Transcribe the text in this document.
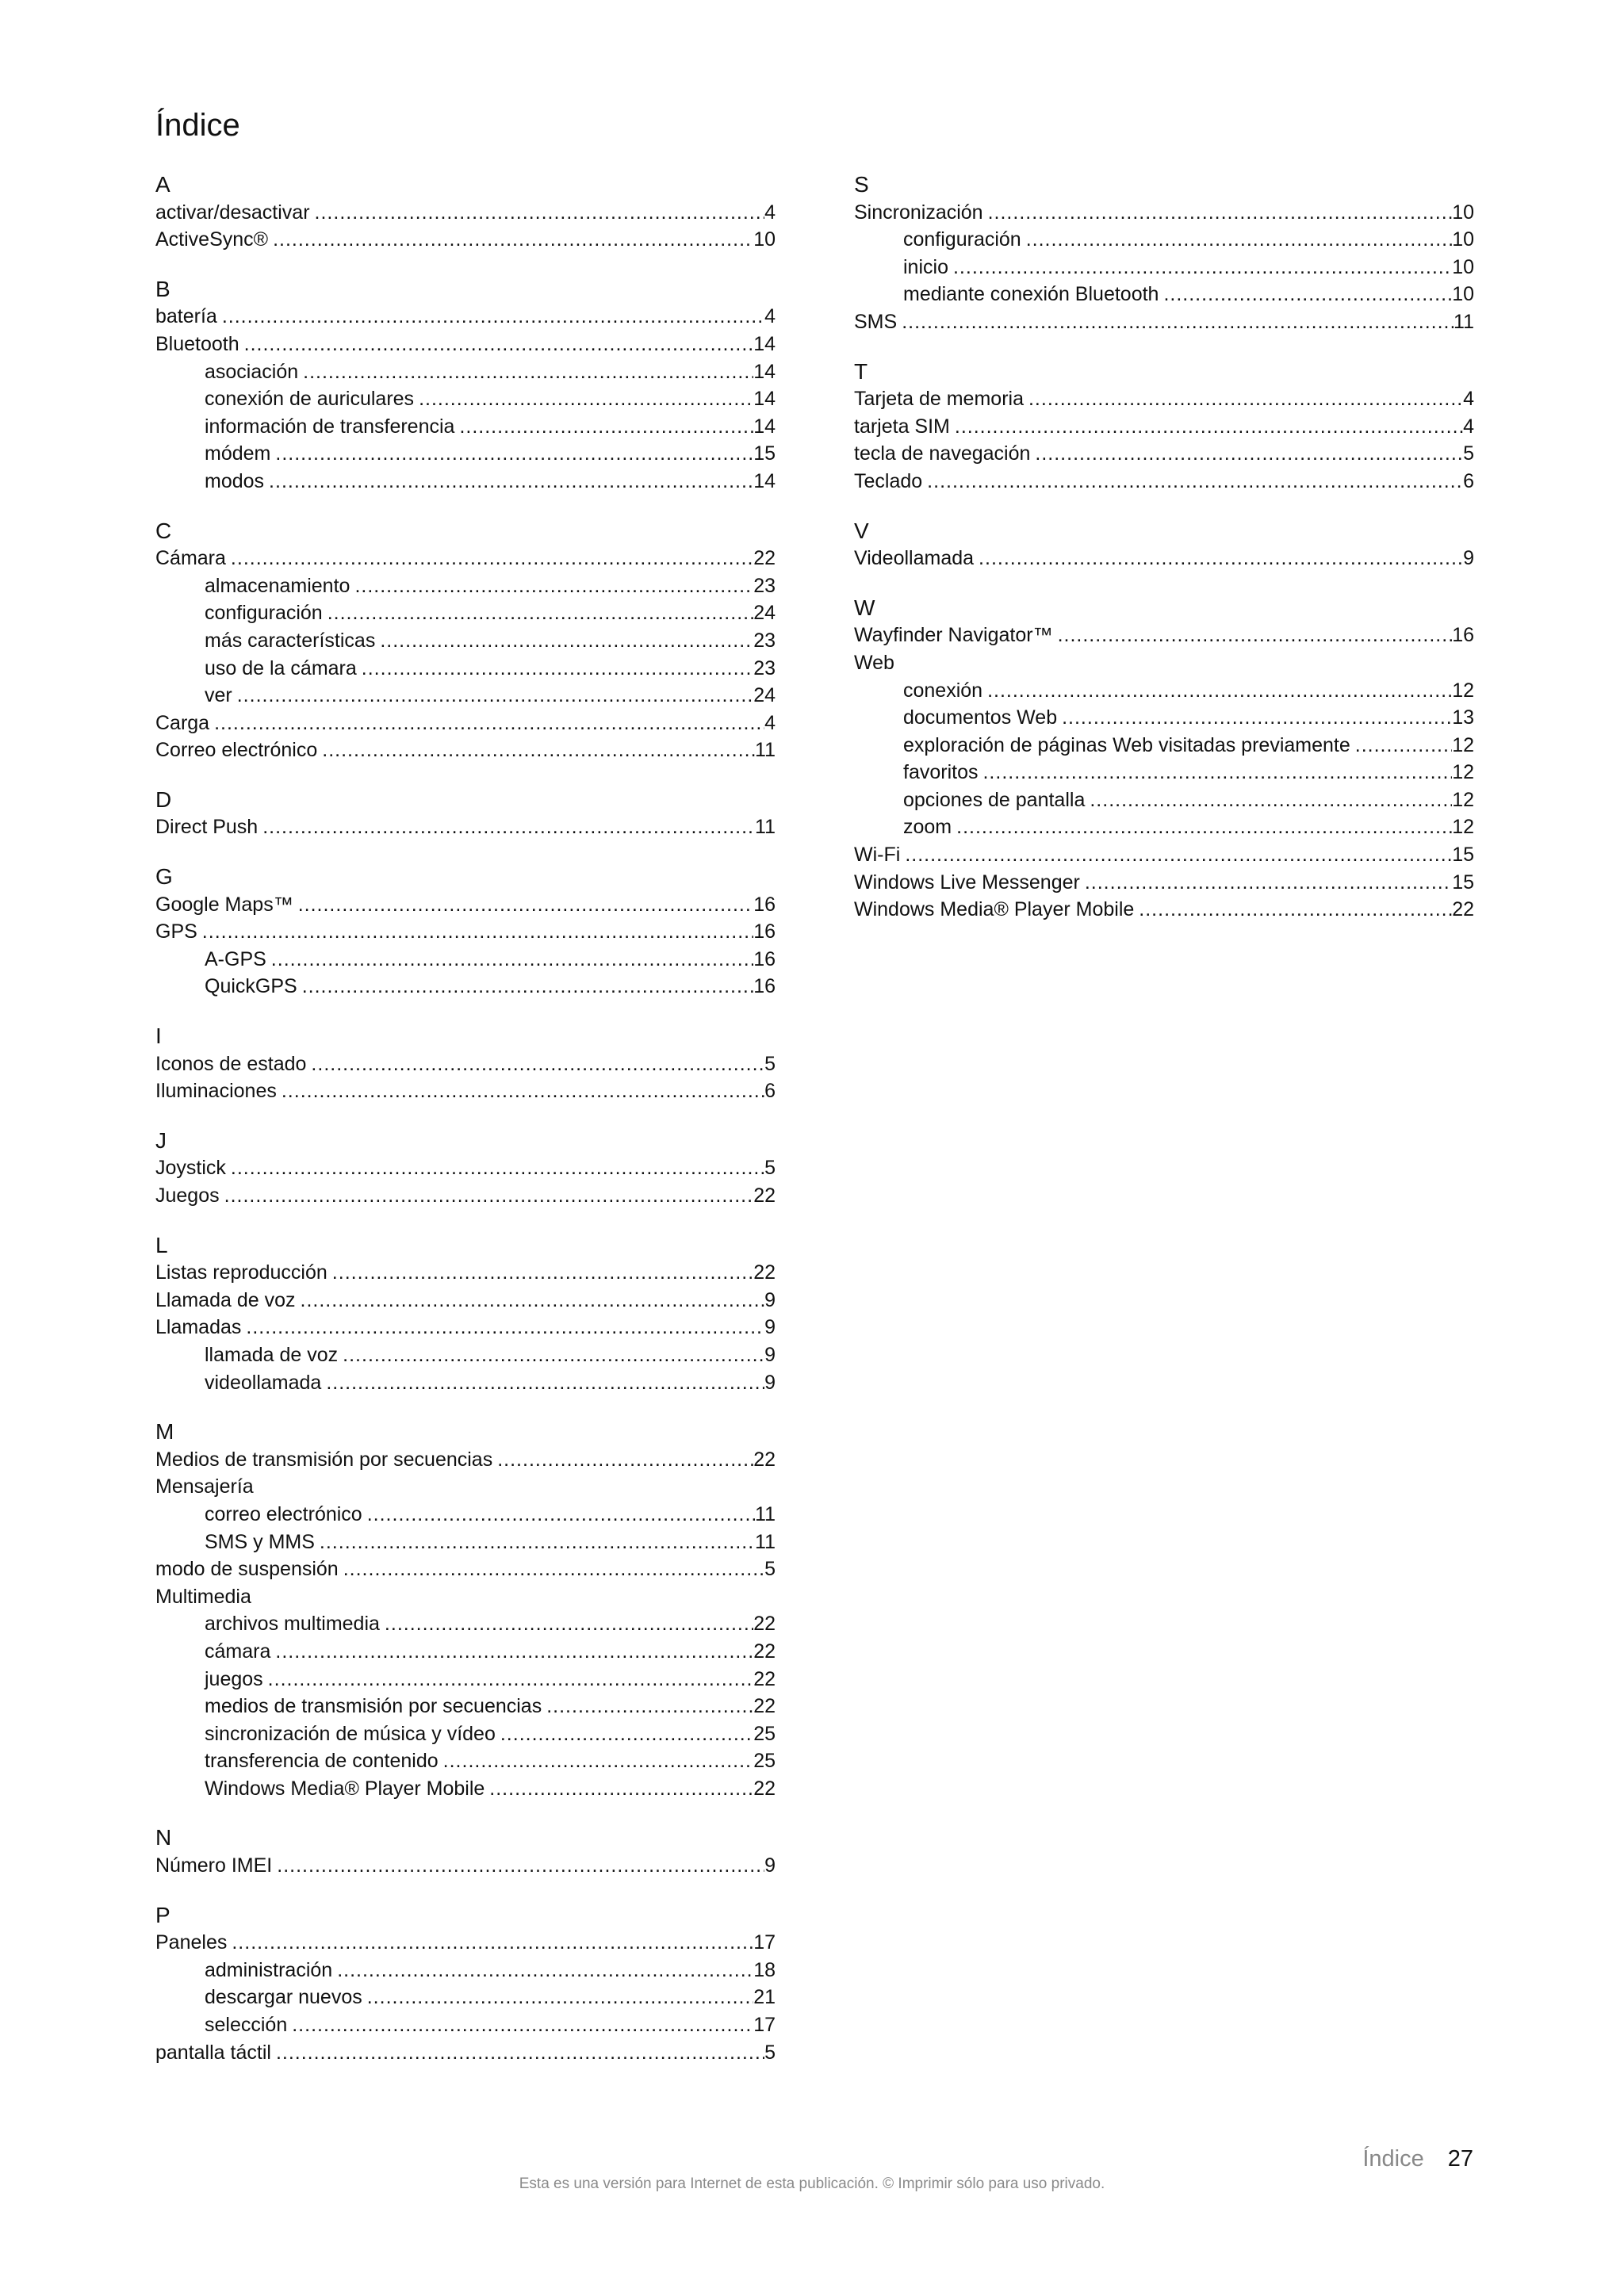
Índice
A
activar/desactivar .....	4
ActiveSync® .....	10
B
batería .....	4
Bluetooth .....	14
asociación .....	14
conexión de auriculares .....	14
información de transferencia .....	14
módem .....	15
modos .....	14
C
Cámara .....	22
almacenamiento .....	23
configuración .....	24
más características .....	23
uso de la cámara .....	23
ver .....	24
Carga .....	4
Correo electrónico .....	11
D
Direct Push .....	11
G
Google Maps™ .....	16
GPS .....	16
A-GPS .....	16
QuickGPS .....	16
I
Iconos de estado .....	5
Iluminaciones .....	6
J
Joystick .....	5
Juegos .....	22
L
Listas reproducción .....	22
Llamada de voz .....	9
Llamadas .....	9
llamada de voz .....	9
videollamada .....	9
M
Medios de transmisión por secuencias .....	22
Mensajería
correo electrónico .....	11
SMS y MMS .....	11
modo de suspensión .....	5
Multimedia
archivos multimedia .....	22
cámara .....	22
juegos .....	22
medios de transmisión por secuencias .....	22
sincronización de música y vídeo .....	25
transferencia de contenido .....	25
Windows Media® Player Mobile .....	22
N
Número IMEI .....	9
P
Paneles .....	17
administración .....	18
descargar nuevos .....	21
selección .....	17
pantalla táctil .....	5
S
Sincronización .....	10
configuración .....	10
inicio .....	10
mediante conexión Bluetooth .....	10
SMS .....	11
T
Tarjeta de memoria .....	4
tarjeta SIM .....	4
tecla de navegación .....	5
Teclado .....	6
V
Videollamada .....	9
W
Wayfinder Navigator™ .....	16
Web
conexión .....	12
documentos Web .....	13
exploración de páginas Web visitadas previamente .....	12
favoritos .....	12
opciones de pantalla .....	12
zoom .....	12
Wi-Fi .....	15
Windows Live Messenger .....	15
Windows Media® Player Mobile .....	22
Índice 27
Esta es una versión para Internet de esta publicación. © Imprimir sólo para uso privado.
